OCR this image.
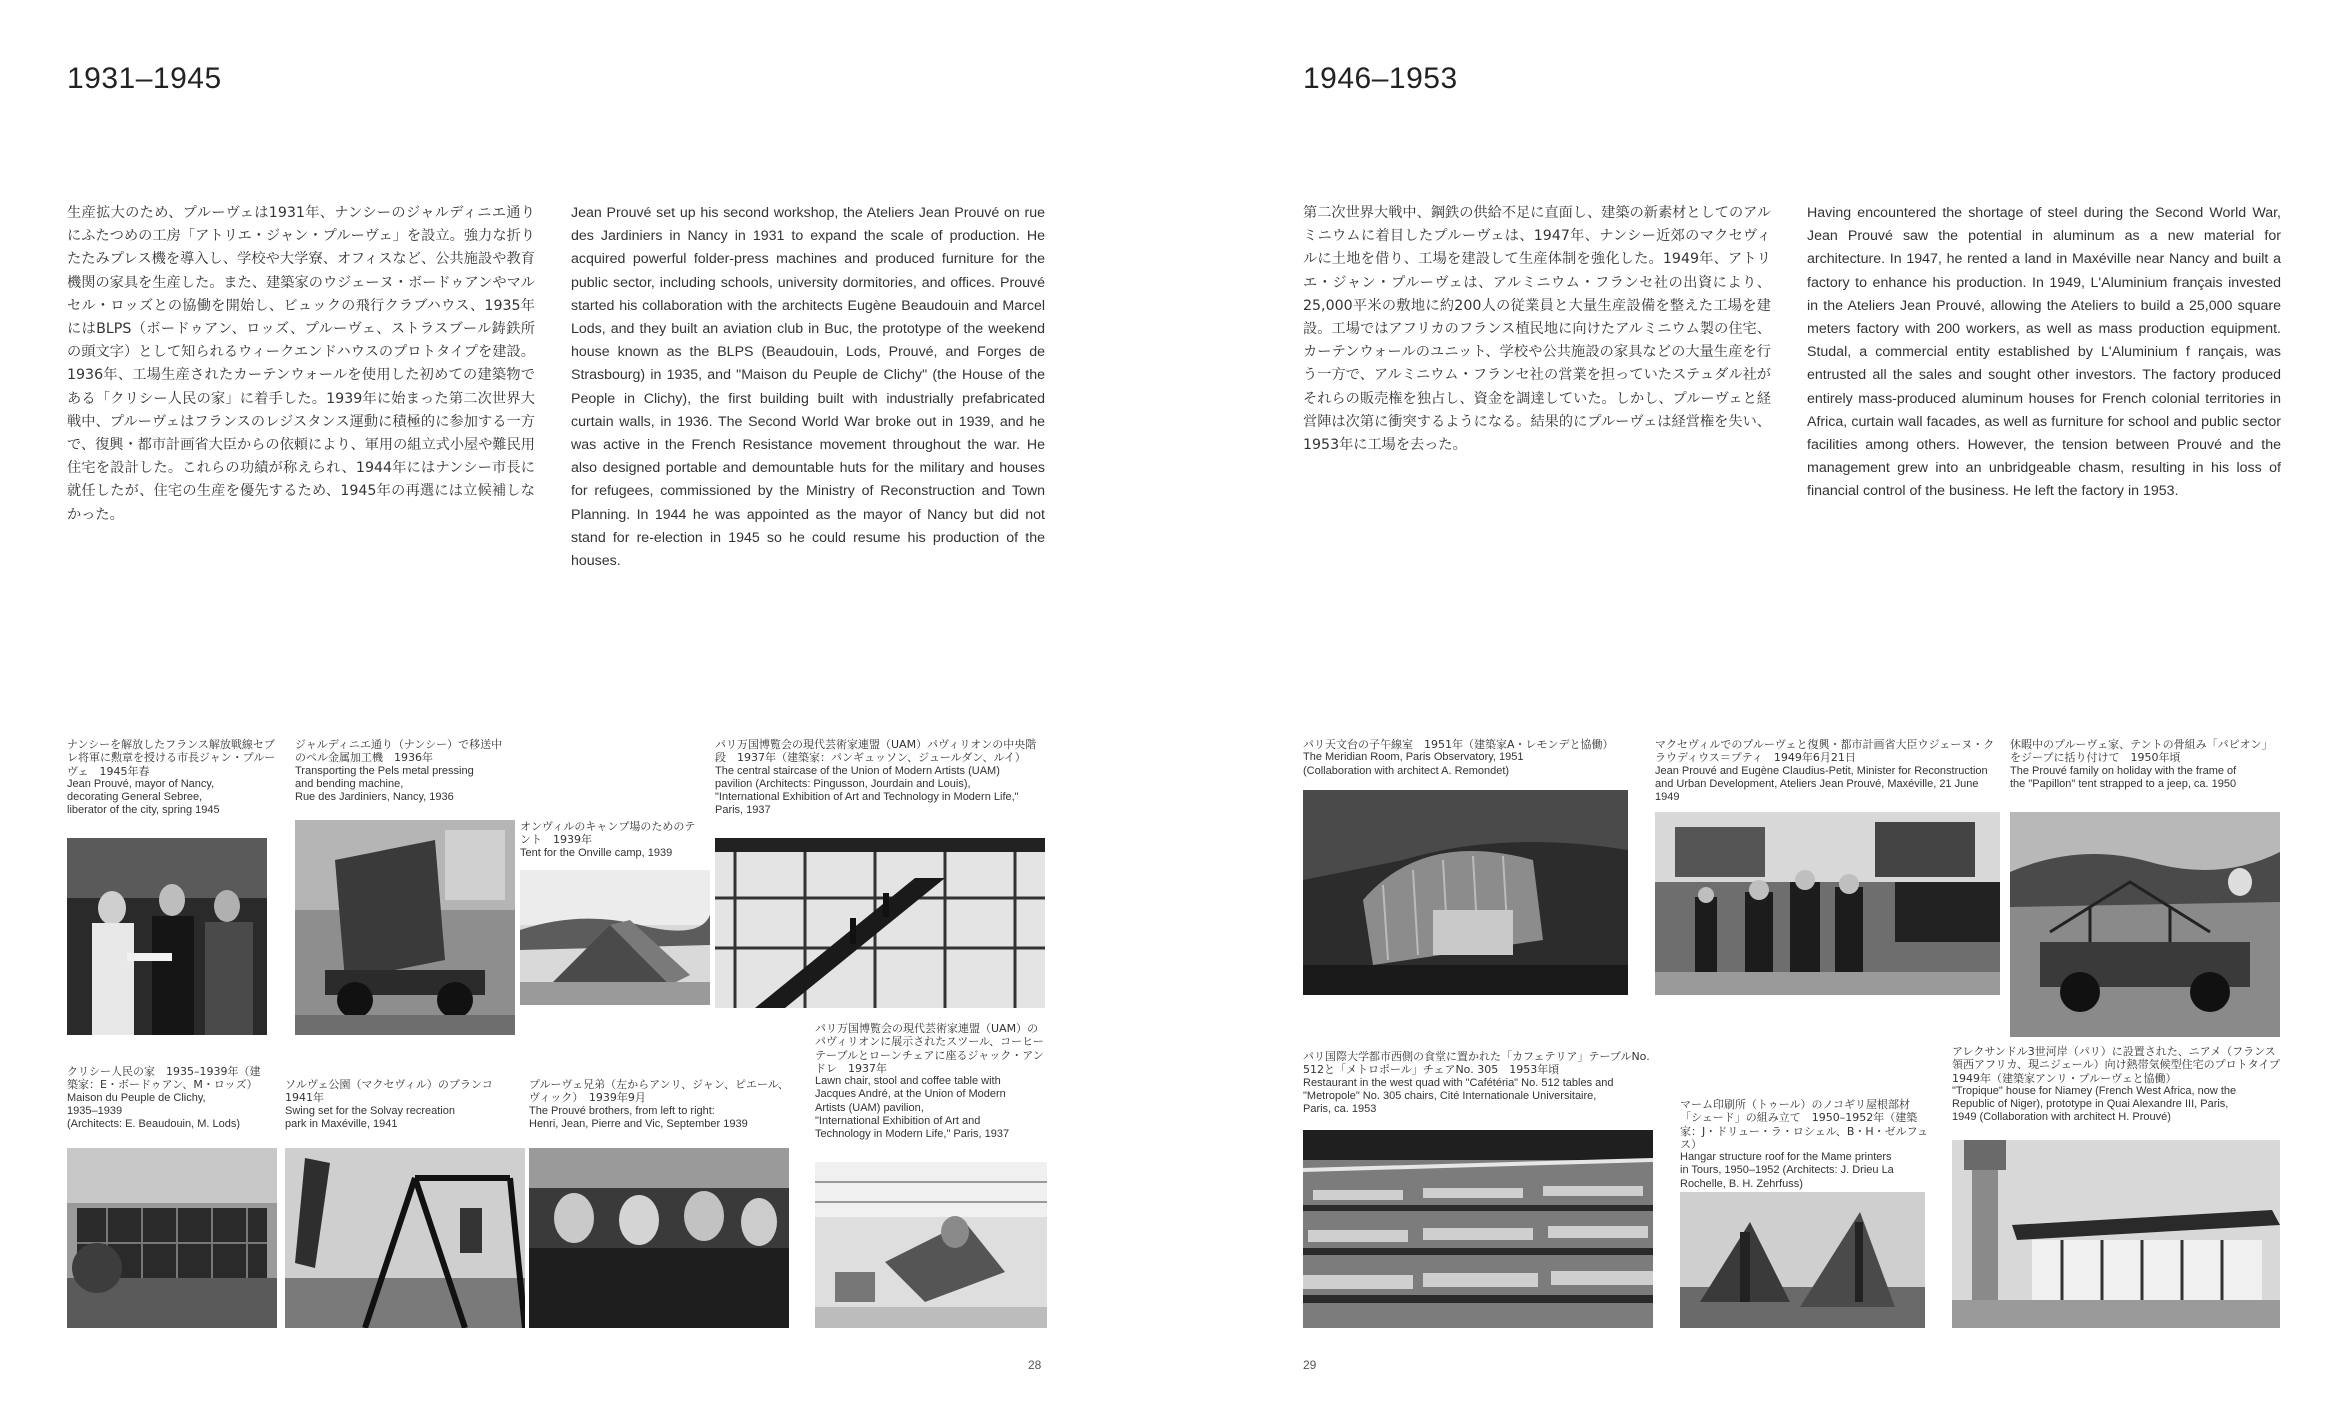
1931–1945
生産拡大のため、プルーヴェは1931年、ナンシーのジャルディニエ通りにふたつめの工房「アトリエ・ジャン・プルーヴェ」を設立。強力な折りたたみプレス機を導入し、学校や大学寮、オフィスなど、公共施設や教育機関の家具を生産した。また、建築家のウジェーヌ・ボードゥアンやマルセル・ロッズとの協働を開始し、ビュックの飛行クラブハウス、1935年にはBLPS（ボードゥアン、ロッズ、プルーヴェ、ストラスブール鋳鉄所の頭文字）として知られるウィークエンドハウスのプロトタイプを建設。1936年、工場生産されたカーテンウォールを使用した初めての建築物である「クリシー人民の家」に着手した。1939年に始まった第二次世界大戦中、プルーヴェはフランスのレジスタンス運動に積極的に参加する一方で、復興・都市計画省大臣からの依頼により、軍用の組立式小屋や難民用住宅を設計した。これらの功績が称えられ、1944年にはナンシー市長に就任したが、住宅の生産を優先するため、1945年の再選には立候補しなかった。
Jean Prouvé set up his second workshop, the Ateliers Jean Prouvé on rue des Jardiniers in Nancy in 1931 to expand the scale of production. He acquired powerful folder-press machines and produced furniture for the public sector, including schools, university dormitories, and offices. Prouvé started his collaboration with the architects Eugène Beaudouin and Marcel Lods, and they built an aviation club in Buc, the prototype of the weekend house known as the BLPS (Beaudouin, Lods, Prouvé, and Forges de Strasbourg) in 1935, and "Maison du Peuple de Clichy" (the House of the People in Clichy), the first building built with industrially prefabricated curtain walls, in 1936. The Second World War broke out in 1939, and he was active in the French Resistance movement throughout the war. He also designed portable and demountable huts for the military and houses for refugees, commissioned by the Ministry of Reconstruction and Town Planning. In 1944 he was appointed as the mayor of Nancy but did not stand for re-election in 1945 so he could resume his production of the houses.
ナンシーを解放したフランス解放戦線セブレ将軍に勲章を授ける市長ジャン・プルーヴェ　1945年春
Jean Prouvé, mayor of Nancy,
decorating General Sebree,
liberator of the city, spring 1945
ジャルディニエ通り（ナンシー）で移送中のペル金属加工機　1936年
Transporting the Pels metal pressing
and bending machine,
Rue des Jardiniers, Nancy, 1936
オンヴィルのキャンプ場のためのテント　1939年
Tent for the Onville camp, 1939
パリ万国博覧会の現代芸術家連盟（UAM）パヴィリオンの中央階段　1937年（建築家：パンギュッソン、ジュールダン、ルイ）
The central staircase of the Union of Modern Artists (UAM)
pavilion (Architects: Pingusson, Jourdain and Louis),
"International Exhibition of Art and Technology in Modern Life,"
Paris, 1937
クリシー人民の家　1935–1939年（建築家：E・ボードゥアン、M・ロッズ）
Maison du Peuple de Clichy,
1935–1939
(Architects: E. Beaudouin, M. Lods)
ソルヴェ公園（マクセヴィル）のブランコ　1941年
Swing set for the Solvay recreation
park in Maxéville, 1941
プルーヴェ兄弟（左からアンリ、ジャン、ピエール、ヴィック）　1939年9月
The Prouvé brothers, from left to right:
Henri, Jean, Pierre and Vic, September 1939
パリ万国博覧会の現代芸術家連盟（UAM）のパヴィリオンに展示されたスツール、コーヒーテーブルとローンチェアに座るジャック・アンドレ　1937年
Lawn chair, stool and coffee table with
Jacques André, at the Union of Modern
Artists (UAM) pavilion,
"International Exhibition of Art and
Technology in Modern Life," Paris, 1937
28
1946–1953
第二次世界大戦中、鋼鉄の供給不足に直面し、建築の新素材としてのアルミニウムに着目したプルーヴェは、1947年、ナンシー近郊のマクセヴィルに土地を借り、工場を建設して生産体制を強化した。1949年、アトリエ・ジャン・プルーヴェは、アルミニウム・フランセ社の出資により、25,000平米の敷地に約200人の従業員と大量生産設備を整えた工場を建設。工場ではアフリカのフランス植民地に向けたアルミニウム製の住宅、カーテンウォールのユニット、学校や公共施設の家具などの大量生産を行う一方で、アルミニウム・フランセ社の営業を担っていたステュダル社がそれらの販売権を独占し、資金を調達していた。しかし、プルーヴェと経営陣は次第に衝突するようになる。結果的にプルーヴェは経営権を失い、1953年に工場を去った。
Having encountered the shortage of steel during the Second World War, Jean Prouvé saw the potential in aluminum as a new material for architecture. In 1947, he rented a land in Maxéville near Nancy and built a factory to enhance his production. In 1949, L'Aluminium français invested in the Ateliers Jean Prouvé, allowing the Ateliers to build a 25,000 square meters factory with 200 workers, as well as mass production equipment. Studal, a commercial entity established by L'Aluminium f rançais, was entrusted all the sales and sought other investors. The factory produced entirely mass-produced aluminum houses for French colonial territories in Africa, curtain wall facades, as well as furniture for school and public sector facilities among others. However, the tension between Prouvé and the management grew into an unbridgeable chasm, resulting in his loss of financial control of the business. He left the factory in 1953.
パリ天文台の子午線室　1951年（建築家A・レモンデと協働）
The Meridian Room, Paris Observatory, 1951
(Collaboration with architect A. Remondet)
マクセヴィルでのプルーヴェと復興・都市計画省大臣ウジェーヌ・クラウディウス＝プティ　1949年6月21日
Jean Prouvé and Eugène Claudius-Petit, Minister for Reconstruction
and Urban Development, Ateliers Jean Prouvé, Maxéville, 21 June 1949
休暇中のプルーヴェ家、テントの骨組み「パピオン」をジープに括り付けて　1950年頃
The Prouvé family on holiday with the frame of
the "Papillon" tent strapped to a jeep, ca. 1950
パリ国際大学都市西側の食堂に置かれた「カフェテリア」テーブルNo. 512と「メトロポール」チェアNo. 305　1953年頃
Restaurant in the west quad with "Cafétéria" No. 512 tables and
"Metropole" No. 305 chairs, Cité Internationale Universitaire,
Paris, ca. 1953	マーム印刷所（トゥール）のノコギリ屋根部材「シェード」の組み立て　1950–1952年（建築家：J・ドリュー・ラ・ロシェル、B・H・ゼルフュス）
Hangar structure roof for the Mame printers
in Tours, 1950–1952 (Architects: J. Drieu La
Rochelle, B. H. Zehrfuss)
アレクサンドル3世河岸（パリ）に設置された、ニアメ（フランス領西アフリカ、現ニジェール）向け熱帯気候型住宅のプロトタイプ　1949年（建築家アンリ・プルーヴェと協働）
"Tropique" house for Niamey (French West Africa, now the
Republic of Niger), prototype in Quai Alexandre III, Paris,
1949 (Collaboration with architect H. Prouvé)
29
